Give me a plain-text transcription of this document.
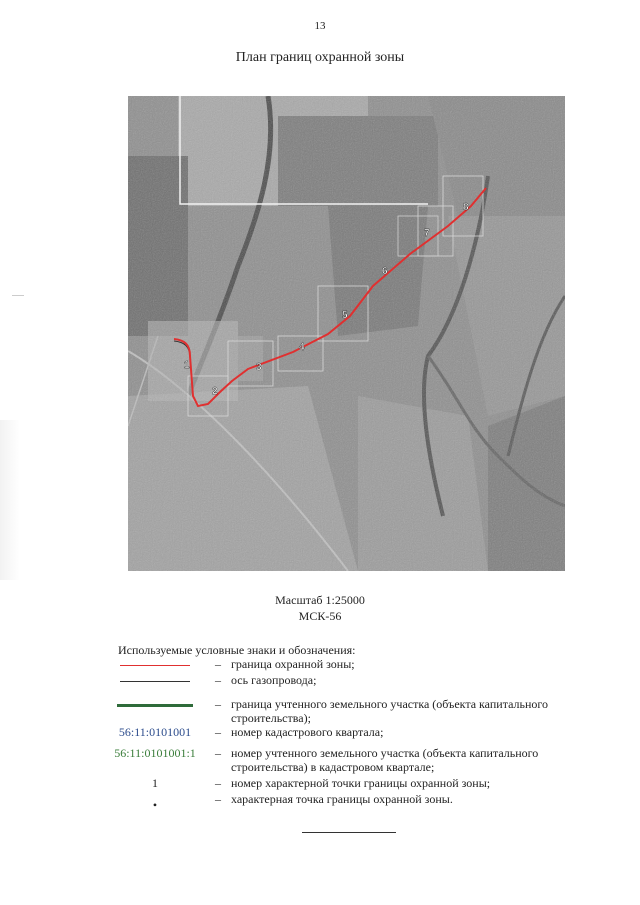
13
План границ охранной зоны
1
2
3
4
5
6
7
8
Масштаб 1:25000
МСК-56
Используемые условные знаки и обозначения:
– граница охранной зоны;
– ось газопровода;
– граница учтенного земельного участка (объекта капитального строительства);
56:11:0101001	– номер кадастрового квартала;
56:11:0101001:1	– номер учтенного земельного участка (объекта капитального строительства) в кадастровом квартале;
1	– номер характерной точки границы охранной зоны;
•	– характерная точка границы охранной зоны.
